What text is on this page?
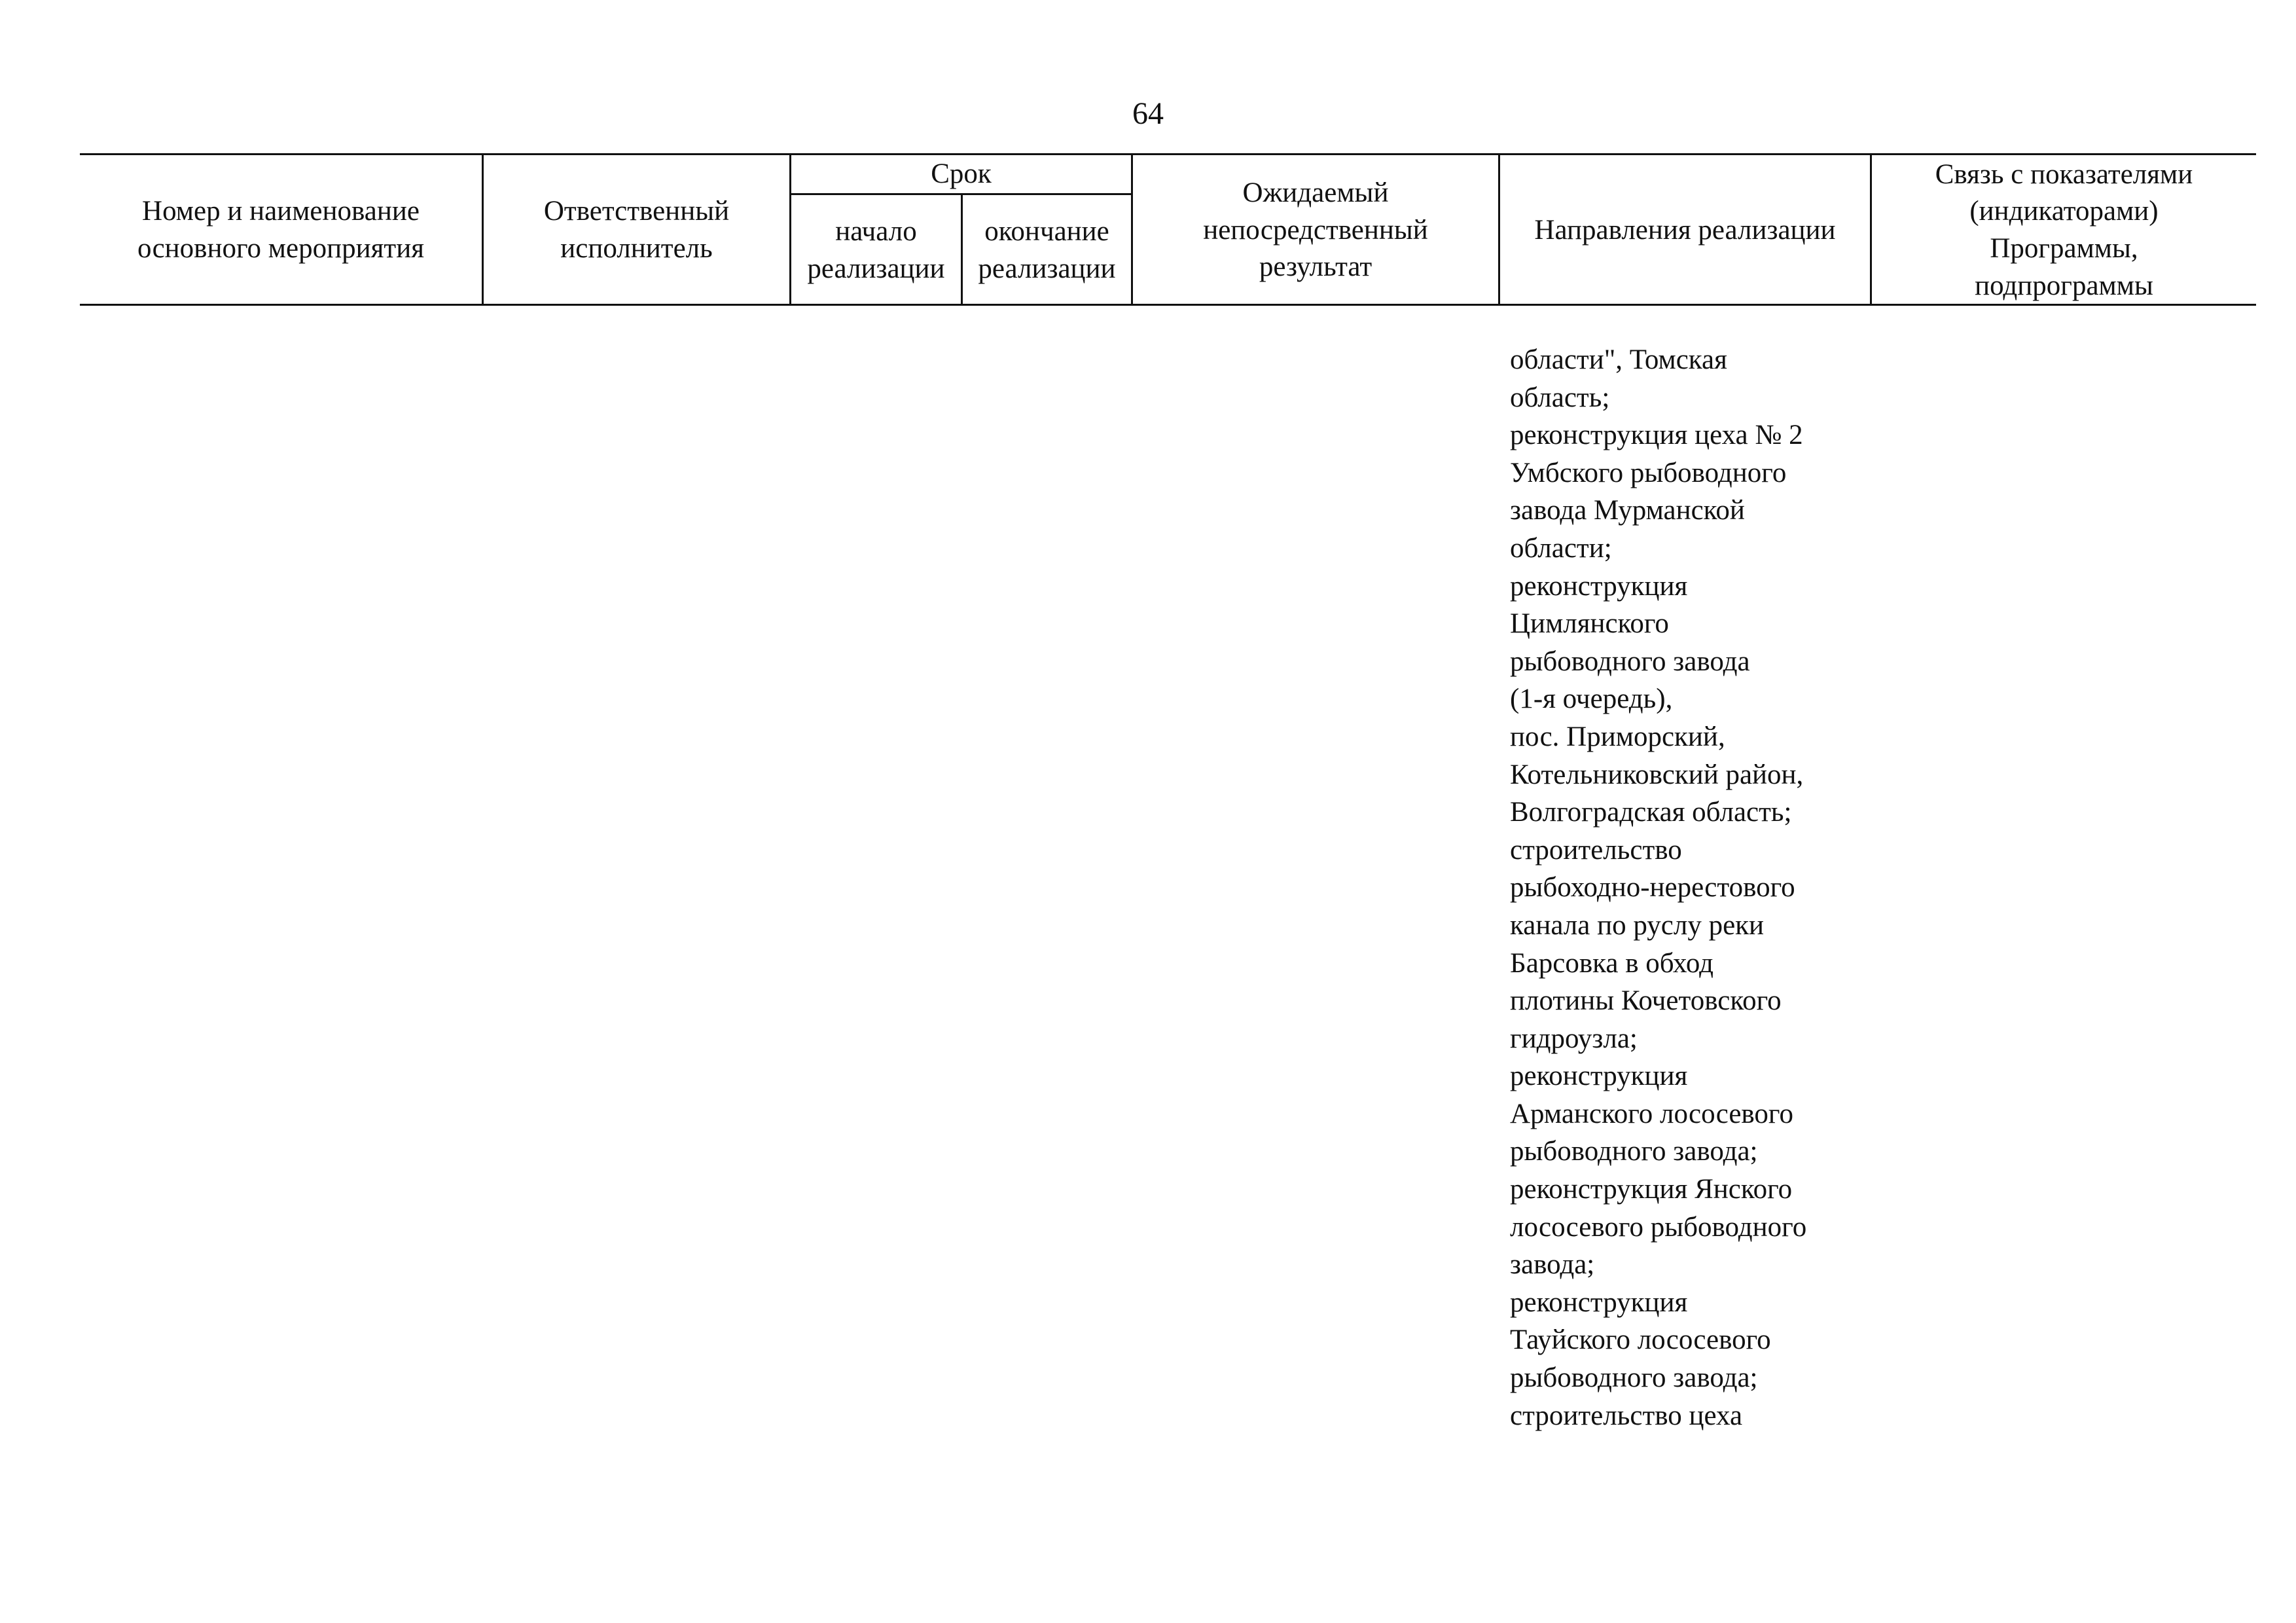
64
Номер и наименование
основного мероприятия
Ответственный
исполнитель
Срок
начало
реализации
окончание
реализации
Ожидаемый
непосредственный
результат
Направления реализации
Связь с показателями
(индикаторами)
Программы,
подпрограммы
области", Томская
область;
реконструкция цеха № 2
Умбского рыбоводного
завода Мурманской
области;
реконструкция
Цимлянского
рыбоводного завода
(1-я очередь),
пос. Приморский,
Котельниковский район,
Волгоградская область;
строительство
рыбоходно-нерестового
канала по руслу реки
Барсовка в обход
плотины Кочетовского
гидроузла;
реконструкция
Арманского лососевого
рыбоводного завода;
реконструкция Янского
лососевого рыбоводного
завода;
реконструкция
Тауйского лососевого
рыбоводного завода;
строительство цеха
